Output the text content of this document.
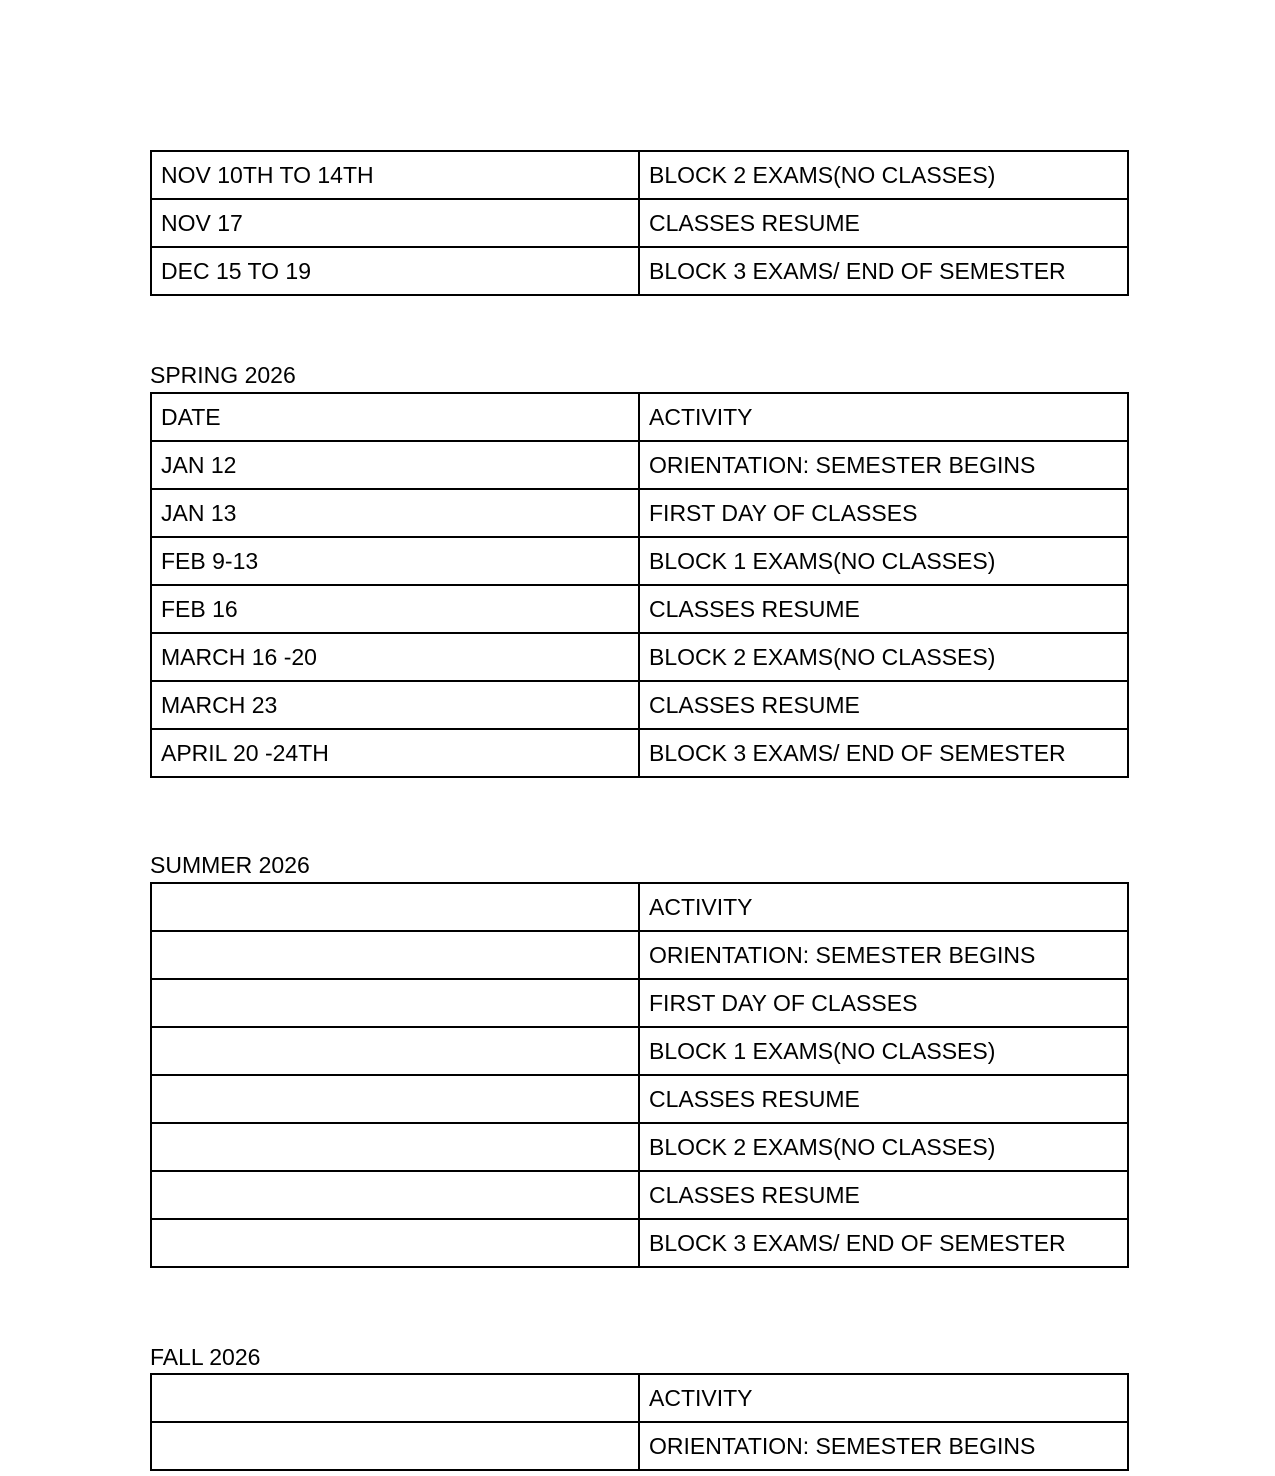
NOV 10TH TO 14TH	BLOCK 2 EXAMS(NO CLASSES)
NOV 17	CLASSES RESUME
DEC 15 TO 19	BLOCK 3 EXAMS/ END OF SEMESTER
SPRING 2026
DATE	ACTIVITY
JAN 12	ORIENTATION: SEMESTER BEGINS
JAN 13	FIRST DAY OF CLASSES
FEB 9-13	BLOCK 1 EXAMS(NO CLASSES)
FEB 16	CLASSES RESUME
MARCH 16 -20	BLOCK 2 EXAMS(NO CLASSES)
MARCH 23	CLASSES RESUME
APRIL 20 -24TH	BLOCK 3 EXAMS/ END OF SEMESTER
SUMMER 2026
	ACTIVITY
	ORIENTATION: SEMESTER BEGINS
	FIRST DAY OF CLASSES
	BLOCK 1 EXAMS(NO CLASSES)
	CLASSES RESUME
	BLOCK 2 EXAMS(NO CLASSES)
	CLASSES RESUME
	BLOCK 3 EXAMS/ END OF SEMESTER
FALL 2026
	ACTIVITY
	ORIENTATION: SEMESTER BEGINS
